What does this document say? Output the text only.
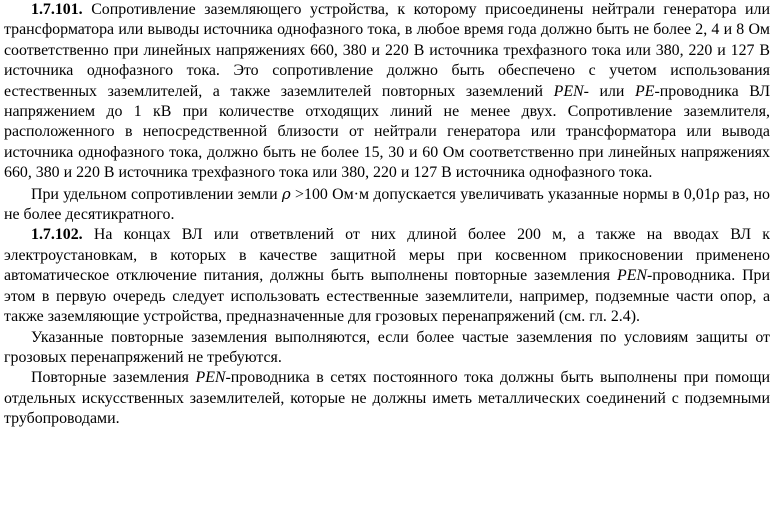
1.7.101. Сопротивление заземляющего устройства, к которому присоединены нейтрали генератора или трансформатора или выводы источника однофазного тока, в любое время года должно быть не более 2, 4 и 8 Ом соответственно при линейных напряжениях 660, 380 и 220 В источника трехфазного тока или 380, 220 и 127 В источника однофазного тока. Это сопротивление должно быть обеспечено с учетом использования естественных заземлителей, а также заземлителей повторных заземлений PEN- или PE-проводника ВЛ напряжением до 1 кВ при количестве отходящих линий не менее двух. Сопротивление заземлителя, расположенного в непосредственной близости от нейтрали генератора или трансформатора или вывода источника однофазного тока, должно быть не более 15, 30 и 60 Ом соответственно при линейных напряжениях 660, 380 и 220 В источника трехфазного тока или 380, 220 и 127 В источника однофазного тока.

При удельном сопротивлении земли ρ >100 Ом·м допускается увеличивать указанные нормы в 0,01ρ раз, но не более десятикратного.

1.7.102. На концах ВЛ или ответвлений от них длиной более 200 м, а также на вводах ВЛ к электроустановкам, в которых в качестве защитной меры при косвенном прикосновении применено автоматическое отключение питания, должны быть выполнены повторные заземления PEN-проводника. При этом в первую очередь следует использовать естественные заземлители, например, подземные части опор, а также заземляющие устройства, предназначенные для грозовых перенапряжений (см. гл. 2.4).

Указанные повторные заземления выполняются, если более частые заземления по условиям защиты от грозовых перенапряжений не требуются.

Повторные заземления PEN-проводника в сетях постоянного тока должны быть выполнены при помощи отдельных искусственных заземлителей, которые не должны иметь металлических соединений с подземными трубопроводами.
